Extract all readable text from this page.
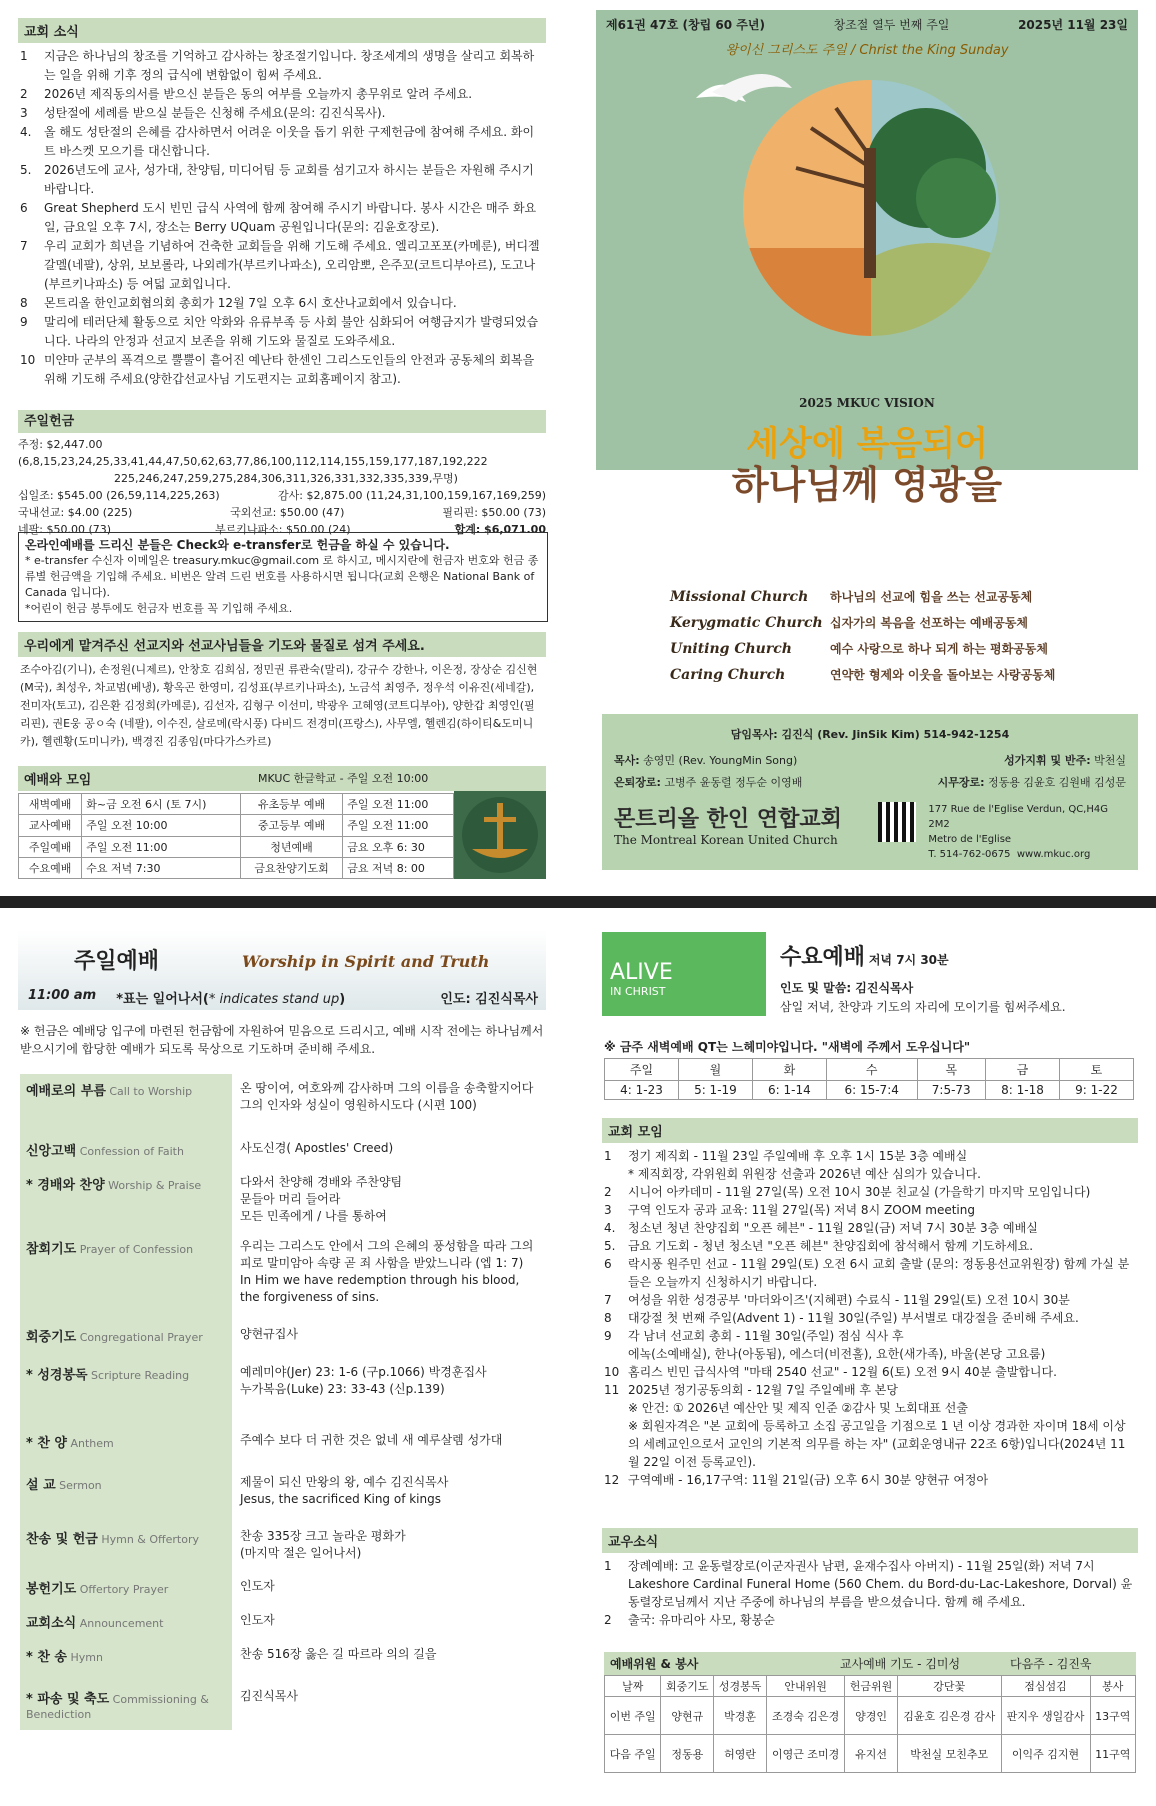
교회 소식
1	지금은 하나님의 창조를 기억하고 감사하는 창조절기입니다. 창조세계의 생명을 살리고 회복하는 일을 위해 기후 정의 급식에 변함없이 힘써 주세요.
2	2026년 제직동의서를 받으신 분들은 동의 여부를 오늘까지 총무위로 알려 주세요.
3	성탄절에 세례를 받으실 분들은 신청해 주세요(문의: 김진식목사).
4.	올 해도 성탄절의 은혜를 감사하면서 어려운 이웃을 돕기 위한 구제헌금에 참여해 주세요. 화이트 바스켓 모으기를 대신합니다.
5.	2026년도에 교사, 성가대, 찬양팀, 미디어팀 등 교회를 섬기고자 하시는 분들은 자원해 주시기 바랍니다.
6	Great Shepherd 도시 빈민 급식 사역에 함께 참여해 주시기 바랍니다. 봉사 시간은 매주 화요일, 금요일 오후 7시, 장소는 Berry UQuam 공원입니다(문의: 김윤호장로).
7	우리 교회가 희년을 기념하여 건축한 교회들을 위해 기도해 주세요. 엘리고포포(카메룬), 버디젤 갈멜(네팔), 상위, 보보롤라, 나외레가(부르키나파소), 오리암뽀, 은주꼬(코트디부아르), 도고나(부르키나파소) 등 여덟 교회입니다.
8	몬트리올 한인교회협의회 총회가 12월 7일 오후 6시 호산나교회에서 있습니다.
9	말리에 테러단체 활동으로 치안 악화와 유류부족 등 사회 불안 심화되어 여행금지가 발령되었습니다. 나라의 안정과 선교지 보존을 위해 기도와 물질로 도와주세요.
10 미얀마 군부의 폭격으로 뿔뿔이 흩어진 예난타 한센인 그리스도인들의 안전과 공동체의 회복을 위해 기도해 주세요(양한갑선교사님 기도편지는 교회홈페이지 참고).
주일헌금
주정: $2,447.00 (6,8,15,23,24,25,33,41,44,47,50,62,63,77,86,100,112,114,155,159,177,187,192,222
225,246,247,259,275,284,306,311,326,331,332,335,339,무명)
십일조: $545.00 (26,59,114,225,263)	감사: $2,875.00 (11,24,31,100,159,167,169,259)
국내선교: $4.00 (225)	국외선교: $50.00 (47)	필리핀: $50.00 (73)
네팔: $50.00 (73)	부르키나파소: $50.00 (24)	합계: $6,071.00
온라인예배를 드리신 분들은 Check와 e-transfer로 헌금을 하실 수 있습니다.
* e-transfer 수신자 이메일은 treasury.mkuc@gmail.com 로 하시고, 메시지란에 헌금자 번호와 헌금 종류별 헌금액을 기입해 주세요. 비번은 알려 드린 번호를 사용하시면 됩니다(교회 은행은 National Bank of Canada 입니다).
*어린이 헌금 봉투에도 헌금자 번호를 꼭 기입해 주세요.
우리에게 맡겨주신 선교지와 선교사님들을 기도와 물질로 섬겨 주세요.
조수아김(기니), 손정원(니제르), 안창호 김희심, 정민권 류관숙(말리), 강규수 강한나, 이은정, 장상순 김신현(M국), 최성우, 차교범(베냉), 황옥곤 한영미, 김성표(부르키나파소), 노금석 최영주, 정우석 이유진(세네갈), 전미자(토고), 김은환 김정희(카메룬), 김선자, 김형구 이선미, 박광우 고혜영(코트디부아), 양한갑 최영인(필리핀), 권E웅 공ㅇ숙 (네팔), 이수진, 살로메(락시풍) 다비드 전경미(프랑스), 사무엘, 헬렌김(하이티&도미니카), 헬렌황(도미니카), 백경진 김종임(마다가스카르)
예배와 모임	MKUC 한글학교 - 주일 오전 10:00
새벽예배	화~금 오전 6시 (토 7시)	유초등부 예배	주일 오전 11:00
교사예배	주일 오전 10:00	중고등부 예배	주일 오전 11:00
주일예배	주일 오전 11:00	청년예배	금요 오후 6: 30
수요예배	수요 저녁 7:30	금요찬양기도회	금요 저녁 8: 00
제61권 47호 (창립 60 주년)	창조절 열두 번째 주일	2025년 11월 23일
왕이신 그리스도 주일 / Christ the King Sunday
2025 MKUC VISION
세상에 복음되어
하나님께 영광을
Missional Church	하나님의 선교에 힘을 쓰는 선교공동체
Kerygmatic Church 십자가의 복음을 선포하는 예배공동체
Uniting Church	예수 사랑으로 하나 되게 하는 평화공동체
Caring Church	연약한 형제와 이웃을 돌아보는 사랑공동체
담임목사: 김진식 (Rev. JinSik Kim) 514-942-1254
목사: 송영민 (Rev. YoungMin Song)	성가지휘 및 반주: 박천실
은퇴장로: 고병주 윤동렬 정두순 이영배	시무장로: 정동용 김윤호 김원배 김성문
몬트리올 한인 연합교회
The Montreal Korean United Church
177 Rue de l'Eglise Verdun, QC,H4G 2M2
Metro de l'Eglise
T. 514-762-0675 www.mkuc.org
주일예배	Worship in Spirit and Truth
11:00 am *표는 일어나서(* indicates stand up)	인도: 김진식목사
※ 헌금은 예배당 입구에 마련된 헌금함에 자원하여 믿음으로 드리시고, 예배 시작 전에는 하나님께서 받으시기에 합당한 예배가 되도록 묵상으로 기도하며 준비해 주세요.
예배로의 부름 Call to Worship	온 땅이여, 여호와께 감사하며 그의 이름을 송축할지어다 그의 인자와 성실이 영원하시도다 (시편 100)
신앙고백 Confession of Faith	사도신경( Apostles' Creed)
* 경배와 찬양 Worship & Praise	다와서 찬양해 경배와 주찬양팀
문들아 머리 들어라
모든 민족에게 / 나를 통하여
참회기도 Prayer of Confession	우리는 그리스도 안에서 그의 은혜의 풍성함을 따라 그의 피로 말미암아 속량 곧 죄 사함을 받았느니라 (엡 1: 7)
In Him we have redemption through his blood, the forgiveness of sins.
회중기도 Congregational Prayer	양현규집사
* 성경봉독 Scripture Reading	예레미야(Jer) 23: 1-6 (구p.1066) 박경훈집사
누가복음(Luke) 23: 33-43 (신p.139)
* 찬 양 Anthem	주예수 보다 더 귀한 것은 없네 새 예루살렘 성가대
설 교 Sermon	제물이 되신 만왕의 왕, 예수 김진식목사
Jesus, the sacrificed King of kings
찬송 및 헌금 Hymn & Offertory	찬송 335장 크고 놀라운 평화가
(마지막 절은 일어나서)
봉헌기도 Offertory Prayer	인도자
교회소식 Announcement	인도자
* 찬 송 Hymn	찬송 516장 옳은 길 따르라 의의 길을
* 파송 및 축도 Commissioning & Benediction
김진식목사
ALIVE
IN CHRIST
수요예배 저녁 7시 30분
인도 및 말씀: 김진식목사
삼일 저녁, 찬양과 기도의 자리에 모이기를 힘써주세요.
※ 금주 새벽예배 QT는 느헤미야입니다. "새벽에 주께서 도우십니다"
주일	월	화	수	목	금	토
4: 1-23	5: 1-19	6: 1-14	6: 15-7:4	7:5-73	8: 1-18	9: 1-22
교회 모임
1	정기 제직회 - 11월 23일 주일예배 후 오후 1시 15분 3층 예배실
* 제직회장, 각위원회 위원장 선출과 2026년 예산 심의가 있습니다.
2	시니어 아카데미 - 11월 27일(목) 오전 10시 30분 친교실 (가을학기 마지막 모임입니다)
3	구역 인도자 공과 교육: 11월 27일(목) 저녁 8시 ZOOM meeting
4.	청소년 청년 찬양집회 "오픈 헤븐" - 11월 28일(금) 저녁 7시 30분 3층 예배실
5.	금요 기도회 - 청년 청소년 "오픈 헤븐" 찬양집회에 참석해서 함께 기도하세요.
6	락시풍 원주민 선교 - 11월 29일(토) 오전 6시 교회 출발 (문의: 정동용선교위원장) 함께 가실 분들은 오늘까지 신청하시기 바랍니다.
7	여성을 위한 성경공부 '마더와이즈'(지혜편) 수료식 - 11월 29일(토) 오전 10시 30분
8	대강절 첫 번째 주일(Advent 1) - 11월 30일(주일) 부서별로 대강절을 준비해 주세요.
9	각 남녀 선교회 총회 - 11월 30일(주일) 점심 식사 후
에녹(소예배실), 한나(아동됨), 에스더(비전홀), 요한(새가족), 바울(본당 고요룸)
10 홈리스 빈민 급식사역 "마태 2540 선교" - 12월 6(토) 오전 9시 40분 출발합니다.
11 2025년 정기공동의회 - 12월 7일 주일예배 후 본당
※ 안건: ① 2026년 예산안 및 제직 인준 ②감사 및 노회대표 선출
※ 회원자격은 "본 교회에 등록하고 소집 공고일을 기점으로 1 년 이상 경과한 자이며 18세 이상의 세례교인으로서 교인의 기본적 의무를 하는 자" (교회운영내규 22조 6항)입니다(2024년 11월 22일 이전 등록교인).
12 구역예배 - 16,17구역: 11월 21일(금) 오후 6시 30분 양현규 여정아
교우소식
1	장례예배: 고 윤동렬장로(이군자권사 남편, 윤재수집사 아버지) - 11월 25일(화) 저녁 7시 Lakeshore Cardinal Funeral Home (560 Chem. du Bord-du-Lac-Lakeshore, Dorval) 윤동렬장로님께서 지난 주중에 하나님의 부름을 받으셨습니다. 함께 해 주세요.
2	출국: 유마리아 사모, 황봉순
예배위원 & 봉사	교사예배 기도 - 김미성	다음주 - 김진욱
날짜	회중기도	성경봉독	안내위원	헌금위원	강단꽃	점심섬김	봉사
이번 주일	양현규	박경훈	조경숙 김은경	양경인	김윤호 김은경 감사	판지우 생일감사	13구역
다음 주일	정동용	허영란	이영근 조미경	유지선	박천실 모친추모	이익주 김지현	11구역
